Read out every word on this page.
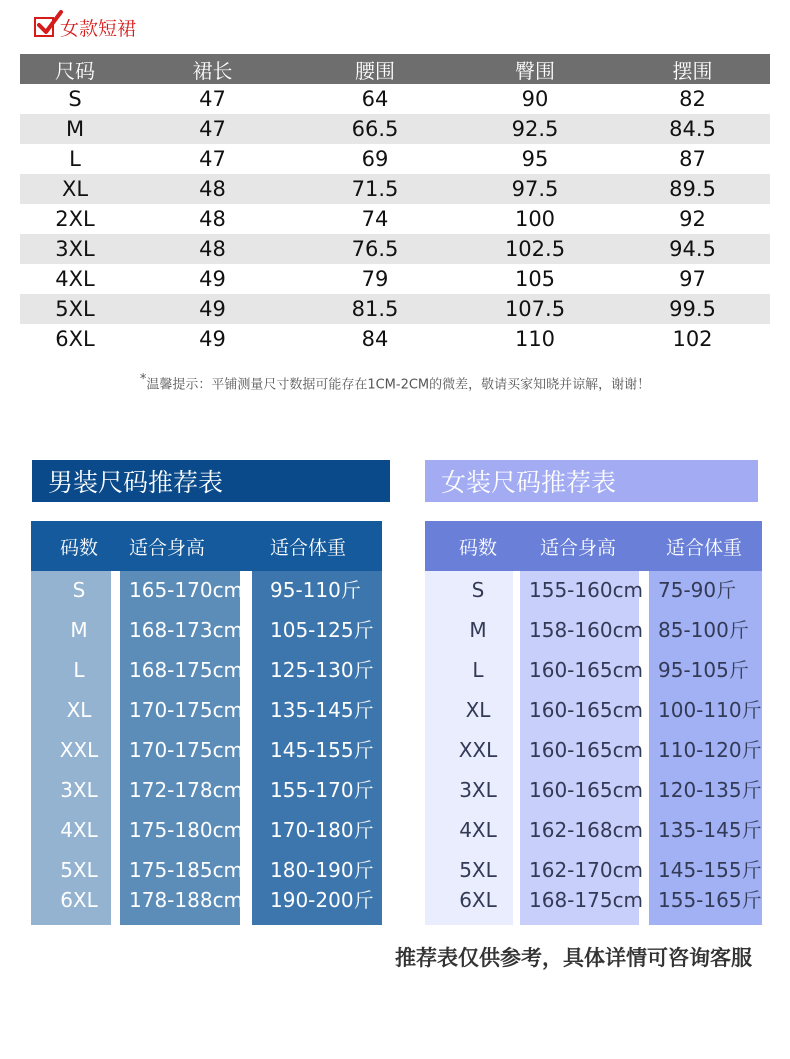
女款短裙
尺码	裙长	腰围	臀围	摆围
S	47	64	90	82
M	47	66.5	92.5	84.5
L	47	69	95	87
XL	48	71.5	97.5	89.5
2XL	48	74	100	92
3XL	48	76.5	102.5	94.5
4XL	49	79	105	97
5XL	49	81.5	107.5	99.5
6XL	49	84	110	102
*温馨提示：平铺测量尺寸数据可能存在1CM-2CM的微差，敬请买家知晓并谅解，谢谢！
男装尺码推荐表	女装尺码推荐表
码数 适合身高	适合体重
S	165-170cm 95-110斤
M	168-173cm 105-125斤
L	168-175cm 125-130斤
XL	170-175cm 135-145斤
XXL	170-175cm 145-155斤
3XL	172-178cm 155-170斤
4XL	175-180cm 170-180斤
5XL	175-185cm 180-190斤
6XL	178-188cm 190-200斤
码数 适合身高	适合体重
S	155-160cm 75-90斤
M	158-160cm 85-100斤
L	160-165cm 95-105斤
XL	160-165cm 100-110斤
XXL	160-165cm 110-120斤
3XL	160-165cm 120-135斤
4XL	162-168cm 135-145斤
5XL	162-170cm 145-155斤
6XL	168-175cm 155-165斤
推荐表仅供参考，具体详情可咨询客服
